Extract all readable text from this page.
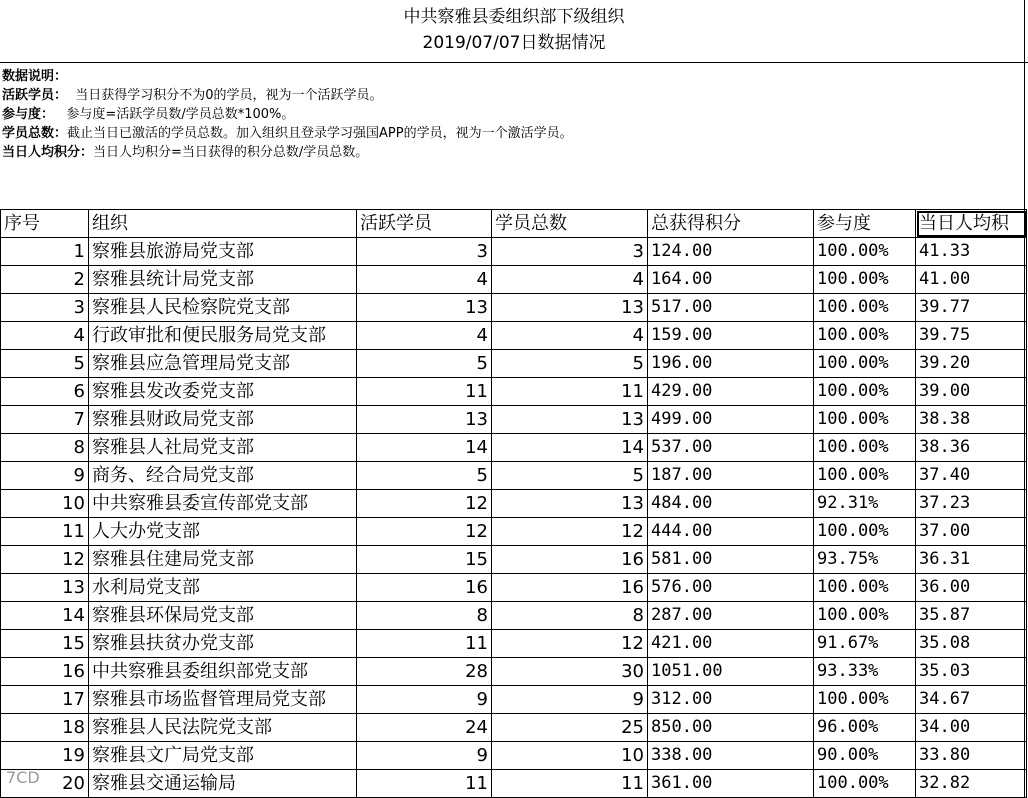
中共察雅县委组织部下级组织
2019/07/07日数据情况
数据说明：
活跃学员： 当日获得学习积分不为0的学员，视为一个活跃学员。
参与度： 参与度=活跃学员数/学员总数*100%。
学员总数：截止当日已激活的学员总数。加入组织且登录学习强国APP的学员，视为一个激活学员。
当日人均积分：当日人均积分=当日获得的积分总数/学员总数。
序号	组织	活跃学员	学员总数	总获得积分	参与度	当日人均积
1	察雅县旅游局党支部	3	3	124.00	100.00%	41.33
2	察雅县统计局党支部	4	4	164.00	100.00%	41.00
3	察雅县人民检察院党支部	13	13	517.00	100.00%	39.77
4	行政审批和便民服务局党支部	4	4	159.00	100.00%	39.75
5	察雅县应急管理局党支部	5	5	196.00	100.00%	39.20
6	察雅县发改委党支部	11	11	429.00	100.00%	39.00
7	察雅县财政局党支部	13	13	499.00	100.00%	38.38
8	察雅县人社局党支部	14	14	537.00	100.00%	38.36
9	商务、经合局党支部	5	5	187.00	100.00%	37.40
10	中共察雅县委宣传部党支部	12	13	484.00	92.31%	37.23
11	人大办党支部	12	12	444.00	100.00%	37.00
12	察雅县住建局党支部	15	16	581.00	93.75%	36.31
13	水利局党支部	16	16	576.00	100.00%	36.00
14	察雅县环保局党支部	8	8	287.00	100.00%	35.87
15	察雅县扶贫办党支部	11	12	421.00	91.67%	35.08
16	中共察雅县委组织部党支部	28	30	1051.00	93.33%	35.03
17	察雅县市场监督管理局党支部	9	9	312.00	100.00%	34.67
18	察雅县人民法院党支部	24	25	850.00	96.00%	34.00
19	察雅县文广局党支部	9	10	338.00	90.00%	33.80
20	察雅县交通运输局	11	11	361.00	100.00%	32.82
7CD
